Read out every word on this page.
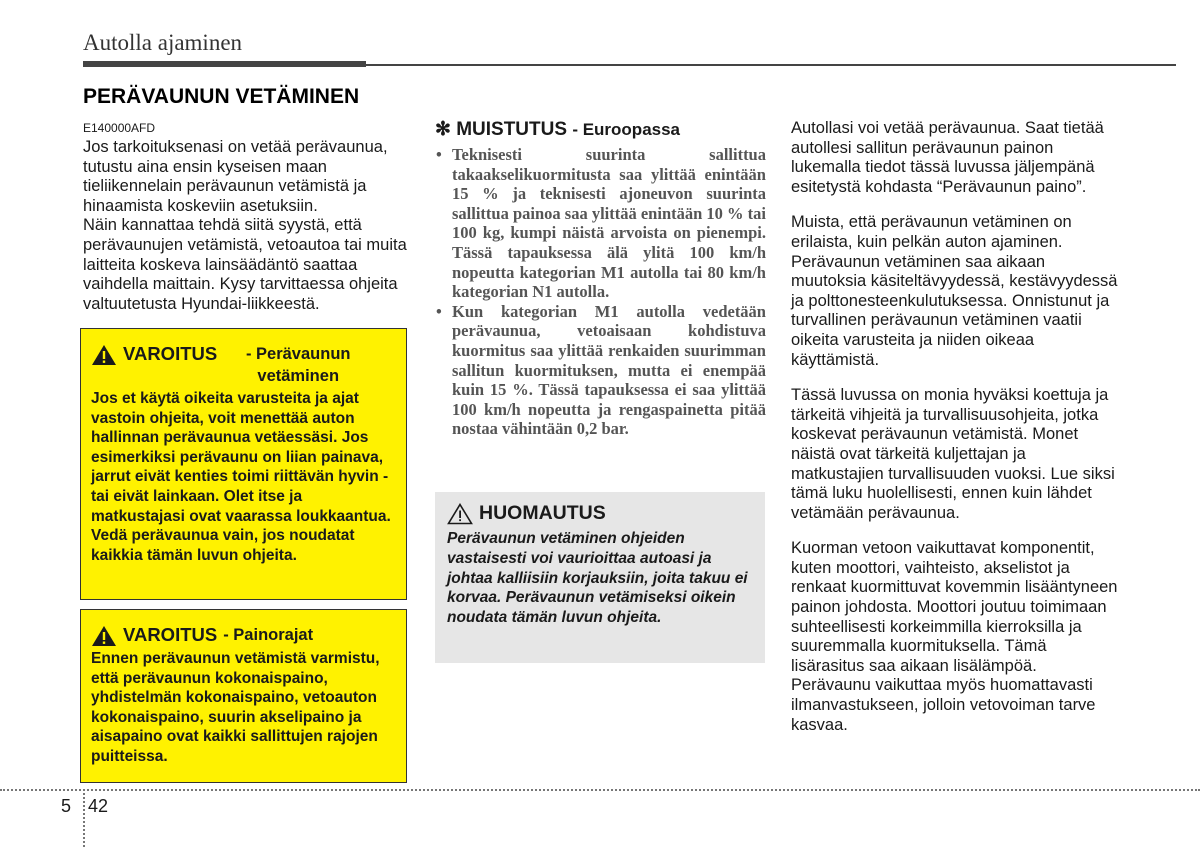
Autolla ajaminen
PERÄVAUNUN VETÄMINEN
E140000AFD

Jos tarkoituksenasi on vetää perävaunua, tutustu aina ensin kyseisen maan tieliikennelain perävaunun vetämistä ja hinaamista koskeviin asetuksiin.

Näin kannattaa tehdä siitä syystä, että perävaunujen vetämistä, vetoautoa tai muita laitteita koskeva lainsäädäntö saattaa vaihdella maittain. Kysy tarvittaessa ohjeita valtuutetusta Hyundai-liikkeestä.

VAROITUS	- Perävaunun vetäminen
Jos et käytä oikeita varusteita ja ajat vastoin ohjeita, voit menettää auton hallinnan perävaunua vetäessäsi. Jos esimerkiksi perävaunu on liian painava, jarrut eivät kenties toimi riittävän hyvin - tai eivät lainkaan. Olet itse ja matkustajasi ovat vaarassa loukkaantua. Vedä perävaunua vain, jos noudatat kaikkia tämän luvun ohjeita.
VAROITUS - Painorajat
Ennen perävaunun vetämistä varmistu, että perävaunun kokonaispaino, yhdistelmän kokonaispaino, vetoauton kokonaispaino, suurin akselipaino ja aisapaino ovat kaikki sallittujen rajojen puitteissa.
✻ MUISTUTUS - Euroopassa
• Teknisesti suurinta sallittua takaakselikuormitusta saa ylittää enintään 15 % ja teknisesti ajoneuvon suurinta sallittua painoa saa ylittää enintään 10 % tai 100 kg, kumpi näistä arvoista on pienempi. Tässä tapauksessa älä ylitä 100 km/h nopeutta kategorian M1 autolla tai 80 km/h kategorian N1 autolla.
• Kun kategorian M1 autolla vedetään perävaunua, vetoaisaan kohdistuva kuormitus saa ylittää renkaiden suurimman sallitun kuormituksen, mutta ei enempää kuin 15 %. Tässä tapauksessa ei saa ylittää 100 km/h nopeutta ja rengaspainetta pitää nostaa vähintään 0,2 bar.
HUOMAUTUS
Perävaunun vetäminen ohjeiden vastaisesti voi vaurioittaa autoasi ja johtaa kalliisiin korjauksiin, joita takuu ei korvaa. Perävaunun vetämiseksi oikein noudata tämän luvun ohjeita.

Autollasi voi vetää perävaunua. Saat tietää autollesi sallitun perävaunun painon lukemalla tiedot tässä luvussa jäljempänä esitetystä kohdasta “Perävaunun paino”.

Muista, että perävaunun vetäminen on erilaista, kuin pelkän auton ajaminen. Perävaunun vetäminen saa aikaan muutoksia käsiteltävyydessä, kestävyydessä ja polttonesteenkulutuksessa. Onnistunut ja turvallinen perävaunun vetäminen vaatii oikeita varusteita ja niiden oikeaa käyttämistä.

Tässä luvussa on monia hyväksi koettuja ja tärkeitä vihjeitä ja turvallisuusohjeita, jotka koskevat perävaunun vetämistä. Monet näistä ovat tärkeitä kuljettajan ja matkustajien turvallisuuden vuoksi. Lue siksi tämä luku huolellisesti, ennen kuin lähdet vetämään perävaunua.

Kuorman vetoon vaikuttavat komponentit, kuten moottori, vaihteisto, akselistot ja renkaat kuormittuvat kovemmin lisääntyneen painon johdosta. Moottori joutuu toimimaan suhteellisesti korkeimmilla kierroksilla ja suuremmalla kuormituksella. Tämä lisärasitus saa aikaan lisälämpöä. Perävaunu vaikuttaa myös huomattavasti ilmanvastukseen, jolloin vetovoiman tarve kasvaa.

5 42
